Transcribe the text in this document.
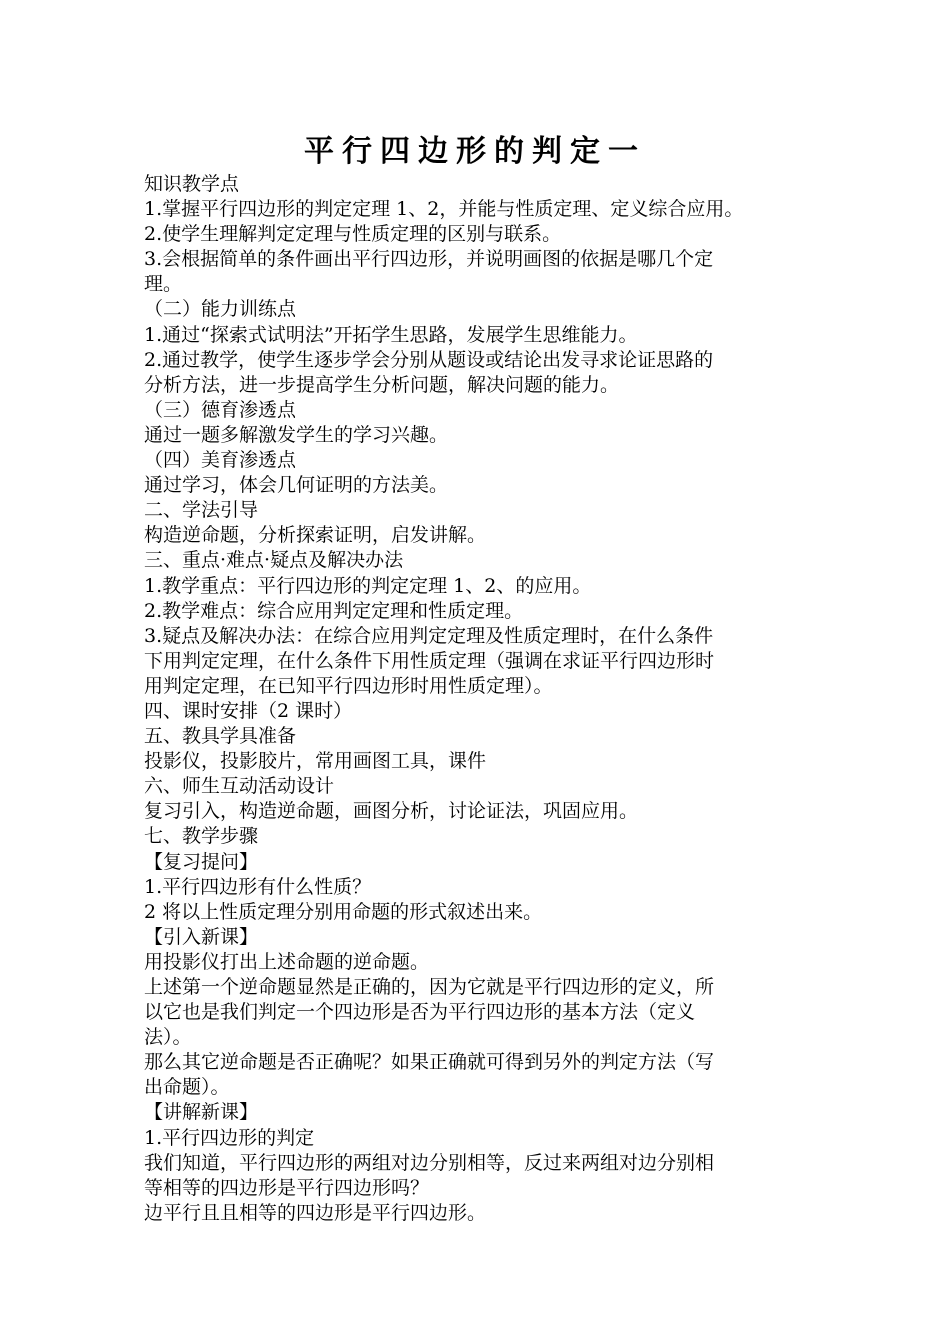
平行四边形的判定一

知识教学点

1.掌握平行四边形的判定定理 1、2，并能与性质定理、定义综合应用。

2.使学生理解判定定理与性质定理的区别与联系。

3.会根据简单的条件画出平行四边形，并说明画图的依据是哪几个定

理。

（二）能力训练点

1.通过“探索式试明法”开拓学生思路，发展学生思维能力。

2.通过教学，使学生逐步学会分别从题设或结论出发寻求论证思路的

分析方法，进一步提高学生分析问题，解决问题的能力。

（三）德育渗透点

通过一题多解激发学生的学习兴趣。

（四）美育渗透点

通过学习，体会几何证明的方法美。

二、学法引导

构造逆命题，分析探索证明，启发讲解。

三、重点·难点·疑点及解决办法

1.教学重点：平行四边形的判定定理 1、2、的应用。

2.教学难点：综合应用判定定理和性质定理。

3.疑点及解决办法：在综合应用判定定理及性质定理时，在什么条件

下用判定定理，在什么条件下用性质定理（强调在求证平行四边形时

用判定定理，在已知平行四边形时用性质定理）。

四、课时安排（2 课时）

五、教具学具准备

投影仪，投影胶片，常用画图工具，课件

六、师生互动活动设计

复习引入，构造逆命题，画图分析，讨论证法，巩固应用。

七、教学步骤

【复习提问】

1.平行四边形有什么性质？

2 将以上性质定理分别用命题的形式叙述出来。

【引入新课】

用投影仪打出上述命题的逆命题。

上述第一个逆命题显然是正确的，因为它就是平行四边形的定义，所

以它也是我们判定一个四边形是否为平行四边形的基本方法（定义

法）。

那么其它逆命题是否正确呢？如果正确就可得到另外的判定方法（写

出命题）。

【讲解新课】

1.平行四边形的判定

我们知道，平行四边形的两组对边分别相等，反过来两组对边分别相

等相等的四边形是平行四边形吗？

边平行且且相等的四边形是平行四边形。
